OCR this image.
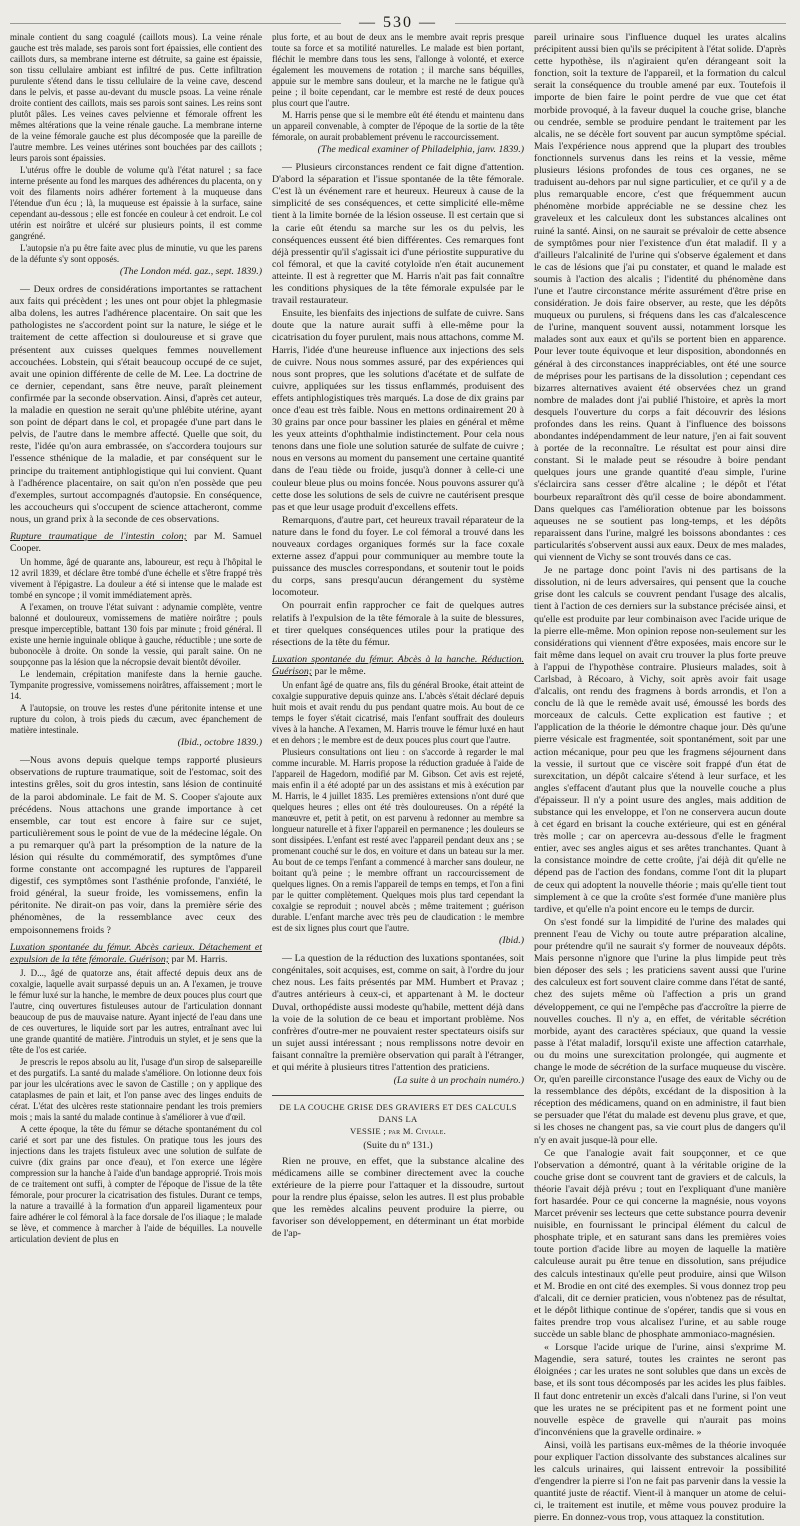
— 530 —

minale contient du sang coagulé (caillots mous). La veine rénale gauche est très malade, ses parois sont fort épaissies, elle contient des caillots durs, sa membrane interne est détruite, sa gaine est épaissie, son tissu cellulaire ambiant est infiltré de pus. Cette infiltration purulente s'étend dans le tissu cellulaire de la veine cave, descend dans le pelvis, et passe au-devant du muscle psoas. La veine rénale droite contient des caillots, mais ses parois sont saines. Les reins sont plutôt pâles. Les veines caves pelvienne et fémorale offrent les mêmes altérations que la veine rénale gauche. La membrane interne de la veine fémorale gauche est plus décomposée que la pareille de l'autre membre. Les veines utérines sont bouchées par des caillots ; leurs parois sont épaissies.

L'utérus offre le double de volume qu'à l'état naturel ; sa face interne présente au fond les marques des adhérences du placenta, on y voit des filaments noirs adhérer fortement à la muqueuse dans l'étendue d'un écu ; là, la muqueuse est épaissie à la surface, saine cependant au-dessous ; elle est foncée en couleur à cet endroit. Le col utérin est noirâtre et ulcéré sur plusieurs points, il est comme gangréné.

L'autopsie n'a pu être faite avec plus de minutie, vu que les parens de la défunte s'y sont opposés.

(The London méd. gaz., sept. 1839.)

— Deux ordres de considérations importantes se rattachent aux faits qui précèdent ; les unes ont pour objet la phlegmasie alba dolens, les autres l'adhérence placentaire. On sait que les pathologistes ne s'accordent point sur la nature, le siége et le traitement de cette affection si douloureuse et si grave que présentent aux cuisses quelques femmes nouvellement accouchées. Lobstein, qui s'était beaucoup occupé de ce sujet, avait une opinion différente de celle de M. Lee. La doctrine de ce dernier, cependant, sans être neuve, paraît pleinement confirmée par la seconde observation. Ainsi, d'après cet auteur, la maladie en question ne serait qu'une phlébite utérine, ayant son point de départ dans le col, et propagée d'une part dans le pelvis, de l'autre dans le membre affecté. Quelle que soit, du reste, l'idée qu'on aura embrassée, on s'accordera toujours sur l'essence sthénique de la maladie, et par conséquent sur le principe du traitement antiphlogistique qui lui convient. Quant à l'adhérence placentaire, on sait qu'on n'en possède que peu d'exemples, surtout accompagnés d'autopsie. En conséquence, les accoucheurs qui s'occupent de science attacheront, comme nous, un grand prix à la seconde de ces observations.

Rupture traumatique de l'intestin colon; par M. Samuel Cooper.

Un homme, âgé de quarante ans, laboureur, est reçu à l'hôpital le 12 avril 1839, et déclare être tombé d'une échelle et s'être frappé très vivement à l'épigastre. La douleur a été si intense que le malade est tombé en syncope ; il vomit immédiatement après.

A l'examen, on trouve l'état suivant : adynamie complète, ventre balonné et douloureux, vomissemens de matière noirâtre ; pouls presque imperceptible, battant 130 fois par minute ; froid général. Il existe une hernie inguinale oblique à gauche, réductible ; une sorte de bubonocèle à droite. On sonde la vessie, qui paraît saine. On ne soupçonne pas la lésion que la nécropsie devait bientôt dévoiler.

Le lendemain, crépitation manifeste dans la hernie gauche. Tympanite progressive, vomissemens noirâtres, affaissement ; mort le 14.

A l'autopsie, on trouve les restes d'une péritonite intense et une rupture du colon, à trois pieds du cæcum, avec épanchement de matière intestinale.

(Ibid., octobre 1839.)

—Nous avons depuis quelque temps rapporté plusieurs observations de rupture traumatique, soit de l'estomac, soit des intestins grêles, soit du gros intestin, sans lésion de continuité de la paroi abdominale. Le fait de M. S. Cooper s'ajoute aux précédens. Nous attachons une grande importance à cet ensemble, car tout est encore à faire sur ce sujet, particulièrement sous le point de vue de la médecine légale. On a pu remarquer qu'à part la présomption de la nature de la lésion qui résulte du commémoratif, des symptômes d'une forme constante ont accompagné les ruptures de l'appareil digestif, ces symptômes sont l'asthénie profonde, l'anxiété, le froid général, la sueur froide, les vomissemens, enfin la péritonite. Ne dirait-on pas voir, dans la première série des phénomènes, de la ressemblance avec ceux des empoisonnemens froids ?

Luxation spontanée du fémur. Abcès carieux. Détachement et expulsion de la tête fémorale. Guérison; par M. Harris.

J. D..., âgé de quatorze ans, était affecté depuis deux ans de coxalgie, laquelle avait surpassé depuis un an. A l'examen, je trouve le fémur luxé sur la hanche, le membre de deux pouces plus court que l'autre, cinq ouvertures fistuleuses autour de l'articulation donnant beaucoup de pus de mauvaise nature. Ayant injecté de l'eau dans une de ces ouvertures, le liquide sort par les autres, entraînant avec lui une grande quantité de matière. J'introduis un stylet, et je sens que la tête de l'os est cariée.

Je prescris le repos absolu au lit, l'usage d'un sirop de salsepareille et des purgatifs. La santé du malade s'améliore. On lotionne deux fois par jour les ulcérations avec le savon de Castille ; on y applique des cataplasmes de pain et lait, et l'on panse avec des linges enduits de cérat. L'état des ulcères reste stationnaire pendant les trois premiers mois ; mais la santé du malade continue à s'améliorer à vue d'œil.

A cette époque, la tête du fémur se détache spontanément du col carié et sort par une des fistules. On pratique tous les jours des injections dans les trajets fistuleux avec une solution de sulfate de cuivre (dix grains par once d'eau), et l'on exerce une légère compression sur la hanche à l'aide d'un bandage approprié. Trois mois de ce traitement ont suffi, à compter de l'époque de l'issue de la tête fémorale, pour procurer la cicatrisation des fistules. Durant ce temps, la nature a travaillé à la formation d'un appareil ligamenteux pour faire adhérer le col fémoral à la face dorsale de l'os iliaque ; le malade se lève, et commence à marcher à l'aide de béquilles. La nouvelle articulation devient de plus en

plus forte, et au bout de deux ans le membre avait repris presque toute sa force et sa motilité naturelles. Le malade est bien portant, fléchit le membre dans tous les sens, l'allonge à volonté, et exerce également les mouvemens de rotation ; il marche sans béquilles, appuie sur le membre sans douleur, et la marche ne le fatigue qu'à peine ; il boite cependant, car le membre est resté de deux pouces plus court que l'autre.

M. Harris pense que si le membre eût été étendu et maintenu dans un appareil convenable, à compter de l'époque de la sortie de la tête fémorale, on aurait probablement prévenu le raccourcissement.

(The medical examiner of Philadelphia, janv. 1839.)

— Plusieurs circonstances rendent ce fait digne d'attention. D'abord la séparation et l'issue spontanée de la tête fémorale. C'est là un événement rare et heureux. Heureux à cause de la simplicité de ses conséquences, et cette simplicité elle-même tient à la limite bornée de la lésion osseuse. Il est certain que si la carie eût étendu sa marche sur les os du pelvis, les conséquences eussent été bien différentes. Ces remarques font déjà pressentir qu'il s'agissait ici d'une périostite suppurative du col fémoral, et que la cavité cotyloïde n'en était aucunement atteinte. Il est à regretter que M. Harris n'ait pas fait connaître les conditions physiques de la tête fémorale expulsée par le travail restaurateur.

Ensuite, les bienfaits des injections de sulfate de cuivre. Sans doute que la nature aurait suffi à elle-même pour la cicatrisation du foyer purulent, mais nous attachons, comme M. Harris, l'idée d'une heureuse influence aux injections des sels de cuivre. Nous nous sommes assuré, par des expériences qui nous sont propres, que les solutions d'acétate et de sulfate de cuivre, appliquées sur les tissus enflammés, produisent des effets antiphlogistiques très marqués. La dose de dix grains par once d'eau est très faible. Nous en mettons ordinairement 20 à 30 grains par once pour bassiner les plaies en général et même les yeux atteints d'ophthalmie indistinctement. Pour cela nous tenons dans une fiole une solution saturée de sulfate de cuivre ; nous en versons au moment du pansement une certaine quantité dans de l'eau tiède ou froide, jusqu'à donner à celle-ci une couleur bleue plus ou moins foncée. Nous pouvons assurer qu'à cette dose les solutions de sels de cuivre ne cautérisent presque pas et que leur usage produit d'excellens effets.

Remarquons, d'autre part, cet heureux travail réparateur de la nature dans le fond du foyer. Le col fémoral a trouvé dans les nouveaux cordages organiques formés sur la face coxale externe assez d'appui pour communiquer au membre toute la puissance des muscles correspondans, et soutenir tout le poids du corps, sans presqu'aucun dérangement du système locomoteur.

On pourrait enfin rapprocher ce fait de quelques autres relatifs à l'expulsion de la tête fémorale à la suite de blessures, et tirer quelques conséquences utiles pour la pratique des résections de la tête du fémur.

Luxation spontanée du fémur. Abcès à la hanche. Réduction. Guérison; par le même.

Un enfant âgé de quatre ans, fils du général Brooke, était atteint de coxalgie suppurative depuis quinze ans. L'abcès s'était déclaré depuis huit mois et avait rendu du pus pendant quatre mois. Au bout de ce temps le foyer s'était cicatrisé, mais l'enfant souffrait des douleurs vives à la hanche. A l'examen, M. Harris trouve le fémur luxé en haut et en dehors ; le membre est de deux pouces plus court que l'autre.

Plusieurs consultations ont lieu : on s'accorde à regarder le mal comme incurable. M. Harris propose la réduction graduée à l'aide de l'appareil de Hagedorn, modifié par M. Gibson. Cet avis est rejeté, mais enfin il a été adopté par un des assistans et mis à exécution par M. Harris, le 4 juillet 1835. Les premières extensions n'ont duré que quelques heures ; elles ont été très douloureuses. On a répété la manœuvre et, petit à petit, on est parvenu à redonner au membre sa longueur naturelle et à fixer l'appareil en permanence ; les douleurs se sont dissipées. L'enfant est resté avec l'appareil pendant deux ans ; se promenant couché sur le dos, en voiture et dans un bateau sur la mer. Au bout de ce temps l'enfant a commencé à marcher sans douleur, ne boitant qu'à peine ; le membre offrant un raccourcissement de quelques lignes. On a remis l'appareil de temps en temps, et l'on a fini par le quitter complètement. Quelques mois plus tard cependant la coxalgie se reproduit ; nouvel abcès ; même traitement ; guérison durable. L'enfant marche avec très peu de claudication : le membre est de six lignes plus court que l'autre.

(Ibid.)

— La question de la réduction des luxations spontanées, soit congénitales, soit acquises, est, comme on sait, à l'ordre du jour chez nous. Les faits présentés par MM. Humbert et Pravaz ; d'autres antérieurs à ceux-ci, et appartenant à M. le docteur Duval, orthopédiste aussi modeste qu'habile, mettent déjà dans la voie de la solution de ce beau et important problème. Nos confrères d'outre-mer ne pouvaient rester spectateurs oisifs sur un sujet aussi intéressant ; nous remplissons notre devoir en faisant connaître la première observation qui paraît à l'étranger, et qui mérite à plusieurs titres l'attention des praticiens.

(La suite à un prochain numéro.)

DE LA COUCHE GRISE DES GRAVIERS ET DES CALCULS DANS LA
VESSIE ; par M. Civiale.

(Suite du nº 131.)

Rien ne prouve, en effet, que la substance alcaline des médicamens aille se combiner directement avec la couche extérieure de la pierre pour l'attaquer et la dissoudre, surtout pour la rendre plus épaisse, selon les autres. Il est plus probable que les remèdes alcalins peuvent produire la pierre, ou favoriser son développement, en déterminant un état morbide de l'ap-

pareil urinaire sous l'influence duquel les urates alcalins précipitent aussi bien qu'ils se précipitent à l'état solide. D'après cette hypothèse, ils n'agiraient qu'en dérangeant soit la fonction, soit la texture de l'appareil, et la formation du calcul serait la conséquence du trouble amené par eux. Toutefois il importe de bien faire le point perdre de vue que cet état morbide provoqué, à la faveur duquel la couche grise, blanche ou cendrée, semble se produire pendant le traitement par les alcalis, ne se décèle fort souvent par aucun symptôme spécial. Mais l'expérience nous apprend que la plupart des troubles fonctionnels survenus dans les reins et la vessie, même plusieurs lésions profondes de tous ces organes, ne se traduisent au-dehors par nul signe particulier, et ce qu'il y a de plus remarquable encore, c'est que fréquemment aucun phénomène morbide appréciable ne se dessine chez les graveleux et les calculeux dont les substances alcalines ont ruiné la santé. Ainsi, on ne saurait se prévaloir de cette absence de symptômes pour nier l'existence d'un état maladif. Il y a d'ailleurs l'alcalinité de l'urine qui s'observe également et dans le cas de lésions que j'ai pu constater, et quand le malade est soumis à l'action des alcalis ; l'identité du phénomène dans l'une et l'autre circonstance mérite assurément d'être prise en considération. Je dois faire observer, au reste, que les dépôts muqueux ou purulens, si fréquens dans les cas d'alcalescence de l'urine, manquent souvent aussi, notamment lorsque les malades sont aux eaux et qu'ils se portent bien en apparence. Pour lever toute équivoque et leur disposition, abondonnés en général à des circonstances inappréciables, ont été une source de méprises pour les partisans de la dissolution ; cependant ces bizarres alternatives avaient été observées chez un grand nombre de malades dont j'ai publié l'histoire, et après la mort desquels l'ouverture du corps a fait découvrir des lésions profondes dans les reins. Quant à l'influence des boissons abondantes indépendamment de leur nature, j'en ai fait souvent à portée de la reconnaître. Le résultat est pour ainsi dire constant. Si le malade peut se résoudre à boire pendant quelques jours une grande quantité d'eau simple, l'urine s'éclaircira sans cesser d'être alcaline ; le dépôt et l'état bourbeux reparaîtront dès qu'il cesse de boire abondamment. Dans quelques cas l'amélioration obtenue par les boissons aqueuses ne se soutient pas long-temps, et les dépôts reparaissent dans l'urine, malgré les boissons abondantes : ces particularités s'observent aussi aux eaux. Deux de mes malades, qui viennent de Vichy se sont trouvés dans ce cas.

Je ne partage donc point l'avis ni des partisans de la dissolution, ni de leurs adversaires, qui pensent que la couche grise dont les calculs se couvrent pendant l'usage des alcalis, tient à l'action de ces derniers sur la substance précisée ainsi, et qu'elle est produite par leur combinaison avec l'acide urique de la pierre elle-même. Mon opinion repose non-seulement sur les considérations qui viennent d'être exposées, mais encore sur le fait même dans lequel on avait cru trouver la plus forte preuve à l'appui de l'hypothèse contraire. Plusieurs malades, soit à Carlsbad, à Récoaro, à Vichy, soit après avoir fait usage d'alcalis, ont rendu des fragmens à bords arrondis, et l'on a conclu de là que le remède avait usé, émoussé les bords des morceaux de calculs. Cette explication est fautive ; et l'application de la théorie le démontre chaque jour. Dès qu'une pierre vésicale est fragmentée, soit spontanément, soit par une action mécanique, pour peu que les fragmens séjournent dans la vessie, il surtout que ce viscère soit frappé d'un état de surexcitation, un dépôt calcaire s'étend à leur surface, et les angles s'effacent d'autant plus que la nouvelle couche a plus d'épaisseur. Il n'y a point usure des angles, mais addition de substance qui les enveloppe, et l'on ne conservera aucun doute à cet égard en brisant la couche extérieure, qui est en général très molle ; car on apercevra au-dessous d'elle le fragment entier, avec ses angles aigus et ses arêtes tranchantes. Quant à la consistance moindre de cette croûte, j'ai déjà dit qu'elle ne dépend pas de l'action des fondans, comme l'ont dit la plupart de ceux qui adoptent la nouvelle théorie ; mais qu'elle tient tout simplement à ce que la croûte s'est formée d'une manière plus tardive, et qu'elle n'a point encore eu le temps de durcir.

On s'est fondé sur la limpidité de l'urine des malades qui prennent l'eau de Vichy ou toute autre préparation alcaline, pour prétendre qu'il ne saurait s'y former de nouveaux dépôts. Mais personne n'ignore que l'urine la plus limpide peut très bien déposer des sels ; les praticiens savent aussi que l'urine des calculeux est fort souvent claire comme dans l'état de santé, chez des sujets même où l'affection a pris un grand développement, ce qui ne l'empêche pas d'accroître la pierre de nouvelles couches. Il n'y a, en effet, de véritable sécrétion morbide, ayant des caractères spéciaux, que quand la vessie passe à l'état maladif, lorsqu'il existe une affection catarrhale, ou du moins une surexcitation prolongée, qui augmente et change le mode de sécrétion de la surface muqueuse du viscère. Or, qu'en pareille circonstance l'usage des eaux de Vichy ou de la ressemblance des dépôts, excédant de la disposition à la réception des médicamens, quand on en administre, il faut bien se persuader que l'état du malade est devenu plus grave, et que, si les choses ne changent pas, sa vie court plus de dangers qu'il n'y en avait jusque-là pour elle.

Ce que l'analogie avait fait soupçonner, et ce que l'observation a démontré, quant à la véritable origine de la couche grise dont se couvrent tant de graviers et de calculs, la théorie l'avait déjà prévu ; tout en l'expliquant d'une manière fort hasardée. Pour ce qui concerne la magnésie, nous voyons Marcet prévenir ses lecteurs que cette substance pourra devenir nuisible, en fournissant le principal élément du calcul de phosphate triple, et en saturant sans dans les premières voies toute portion d'acide libre au moyen de laquelle la matière calculeuse aurait pu être tenue en dissolution, sans préjudice des calculs intestinaux qu'elle peut produire, ainsi que Wilson et M. Brodie en ont cité des exemples. Si vous donnez trop peu d'alcali, dit ce dernier praticien, vous n'obtenez pas de résultat, et le dépôt lithique continue de s'opérer, tandis que si vous en faites prendre trop vous alcalisez l'urine, et au sable rouge succède un sable blanc de phosphate ammoniaco-magnésien.

« Lorsque l'acide urique de l'urine, ainsi s'exprime M. Magendie, sera saturé, toutes les craintes ne seront pas éloignées ; car les urates ne sont solubles que dans un excès de base, et ils sont tous décomposés par les acides les plus faibles. Il faut donc entretenir un excès d'alcali dans l'urine, si l'on veut que les urates ne se précipitent pas et ne forment point une nouvelle espèce de gravelle qui n'aurait pas moins d'inconvéniens que la gravelle ordinaire. »

Ainsi, voilà les partisans eux-mêmes de la théorie invoquée pour expliquer l'action dissolvante des substances alcalines sur les calculs urinaires, qui laissent entrevoir la possibilité d'engendrer la pierre si l'on ne fait pas parvenir dans la vessie la quantité juste de réactif. Vient-il à manquer un atome de celui-ci, le traitement est inutile, et même vous pouvez produire la pierre. En donnez-vous trop, vous attaquez la constitution.
